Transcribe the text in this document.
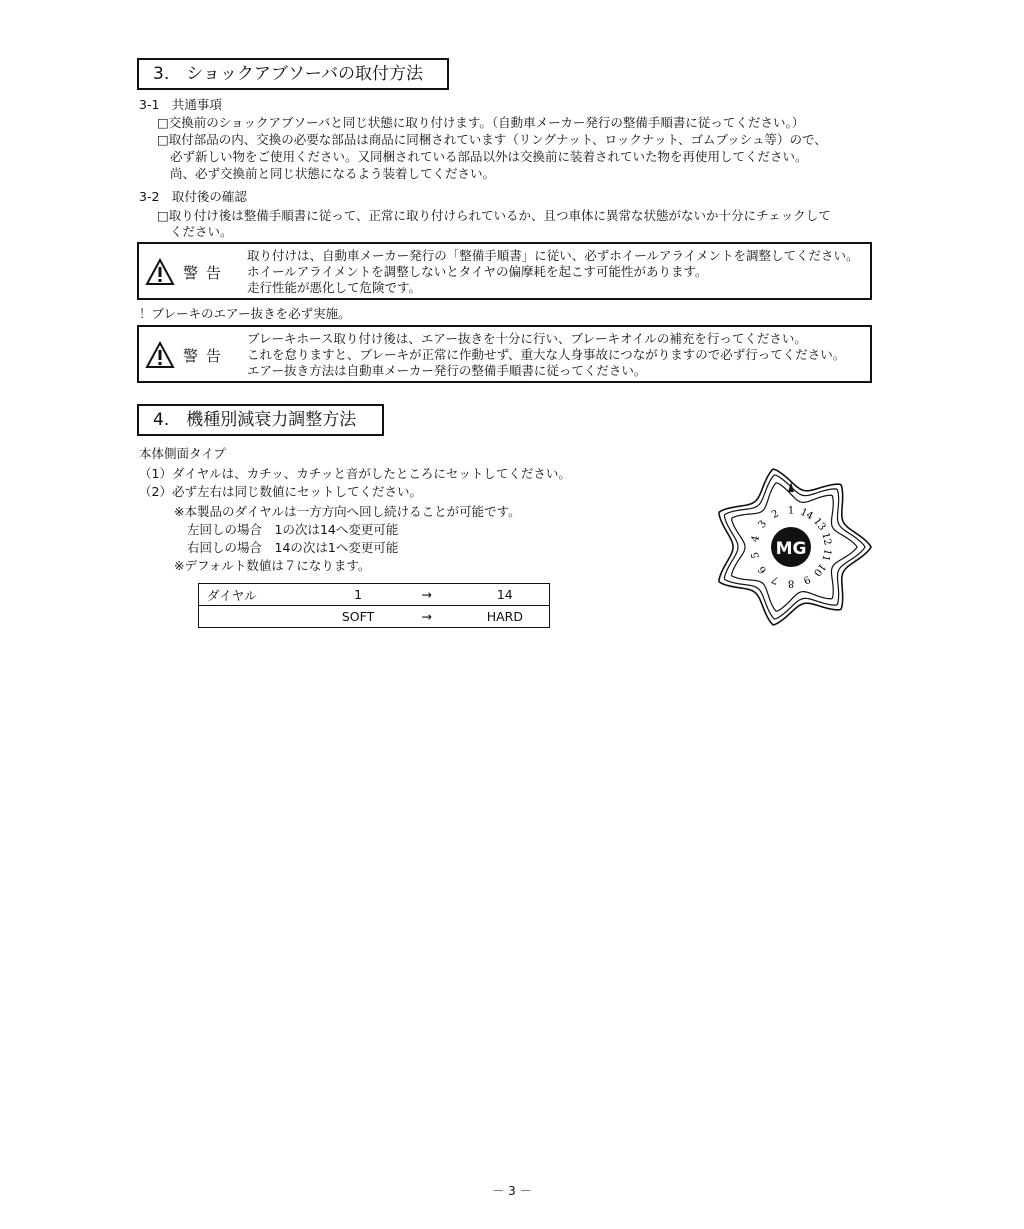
3.　ショックアブソーバの取付方法
3-1　共通事項
□交換前のショックアブソーバと同じ状態に取り付けます。（自動車メーカー発行の整備手順書に従ってください。）
□取付部品の内、交換の必要な部品は商品に同梱されています（リングナット、ロックナット、ゴムブッシュ等）ので、
必ず新しい物をご使用ください。又同梱されている部品以外は交換前に装着されていた物を再使用してください。
尚、必ず交換前と同じ状態になるよう装着してください。
3-2　取付後の確認
□取り付け後は整備手順書に従って、正常に取り付けられているか、且つ車体に異常な状態がないか十分にチェックして
ください。
警告
取り付けは、自動車メーカー発行の「整備手順書」に従い、必ずホイールアライメントを調整してください。
ホイールアライメントを調整しないとタイヤの偏摩耗を起こす可能性があります。
走行性能が悪化して危険です。
！ブレーキのエアー抜きを必ず実施。
警告
ブレーキホース取り付け後は、エアー抜きを十分に行い、ブレーキオイルの補充を行ってください。
これを怠りますと、ブレーキが正常に作動せず、重大な人身事故につながりますので必ず行ってください。
エアー抜き方法は自動車メーカー発行の整備手順書に従ってください。
4.　機種別減衰力調整方法
本体側面タイプ
（1）ダイヤルは、カチッ、カチッと音がしたところにセットしてください。
（2）必ず左右は同じ数値にセットしてください。
※本製品のダイヤルは一方方向へ回し続けることが可能です。
左回しの場合　1の次は14へ変更可能
右回しの場合　14の次は1へ変更可能
※デフォルト数値は７になります。
ダイヤル	1	→	14
	SOFT	→	HARD
1
2
3
4
5
6
7 8 9
10
11
12
13
14
MG
－ 3 －
